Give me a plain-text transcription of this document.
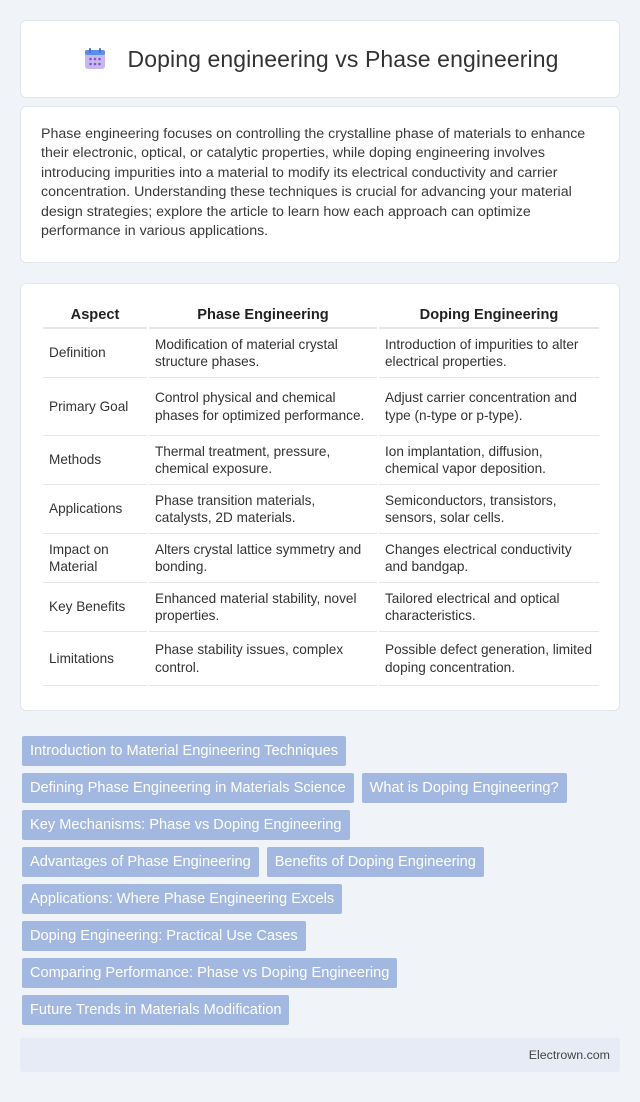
Doping engineering vs Phase engineering

Phase engineering focuses on controlling the crystalline phase of materials to enhance their electronic, optical, or catalytic properties, while doping engineering involves introducing impurities into a material to modify its electrical conductivity and carrier concentration. Understanding these techniques is crucial for advancing your material design strategies; explore the article to learn how each approach can optimize performance in various applications.

Aspect	Phase Engineering	Doping Engineering
Definition	Modification of material crystal structure phases.	Introduction of impurities to alter electrical properties.
Primary Goal	Control physical and chemical phases for optimized performance.	Adjust carrier concentration and type (n-type or p-type).
Methods	Thermal treatment, pressure, chemical exposure.	Ion implantation, diffusion, chemical vapor deposition.
Applications	Phase transition materials, catalysts, 2D materials.	Semiconductors, transistors, sensors, solar cells.
Impact on Material	Alters crystal lattice symmetry and bonding.	Changes electrical conductivity and bandgap.
Key Benefits	Enhanced material stability, novel properties.	Tailored electrical and optical characteristics.
Limitations	Phase stability issues, complex control.	Possible defect generation, limited doping concentration.
Introduction to Material Engineering Techniques
Defining Phase Engineering in Materials Science	What is Doping Engineering?
Key Mechanisms: Phase vs Doping Engineering
Advantages of Phase Engineering	Benefits of Doping Engineering
Applications: Where Phase Engineering Excels
Doping Engineering: Practical Use Cases
Comparing Performance: Phase vs Doping Engineering
Future Trends in Materials Modification
Electrown.com
